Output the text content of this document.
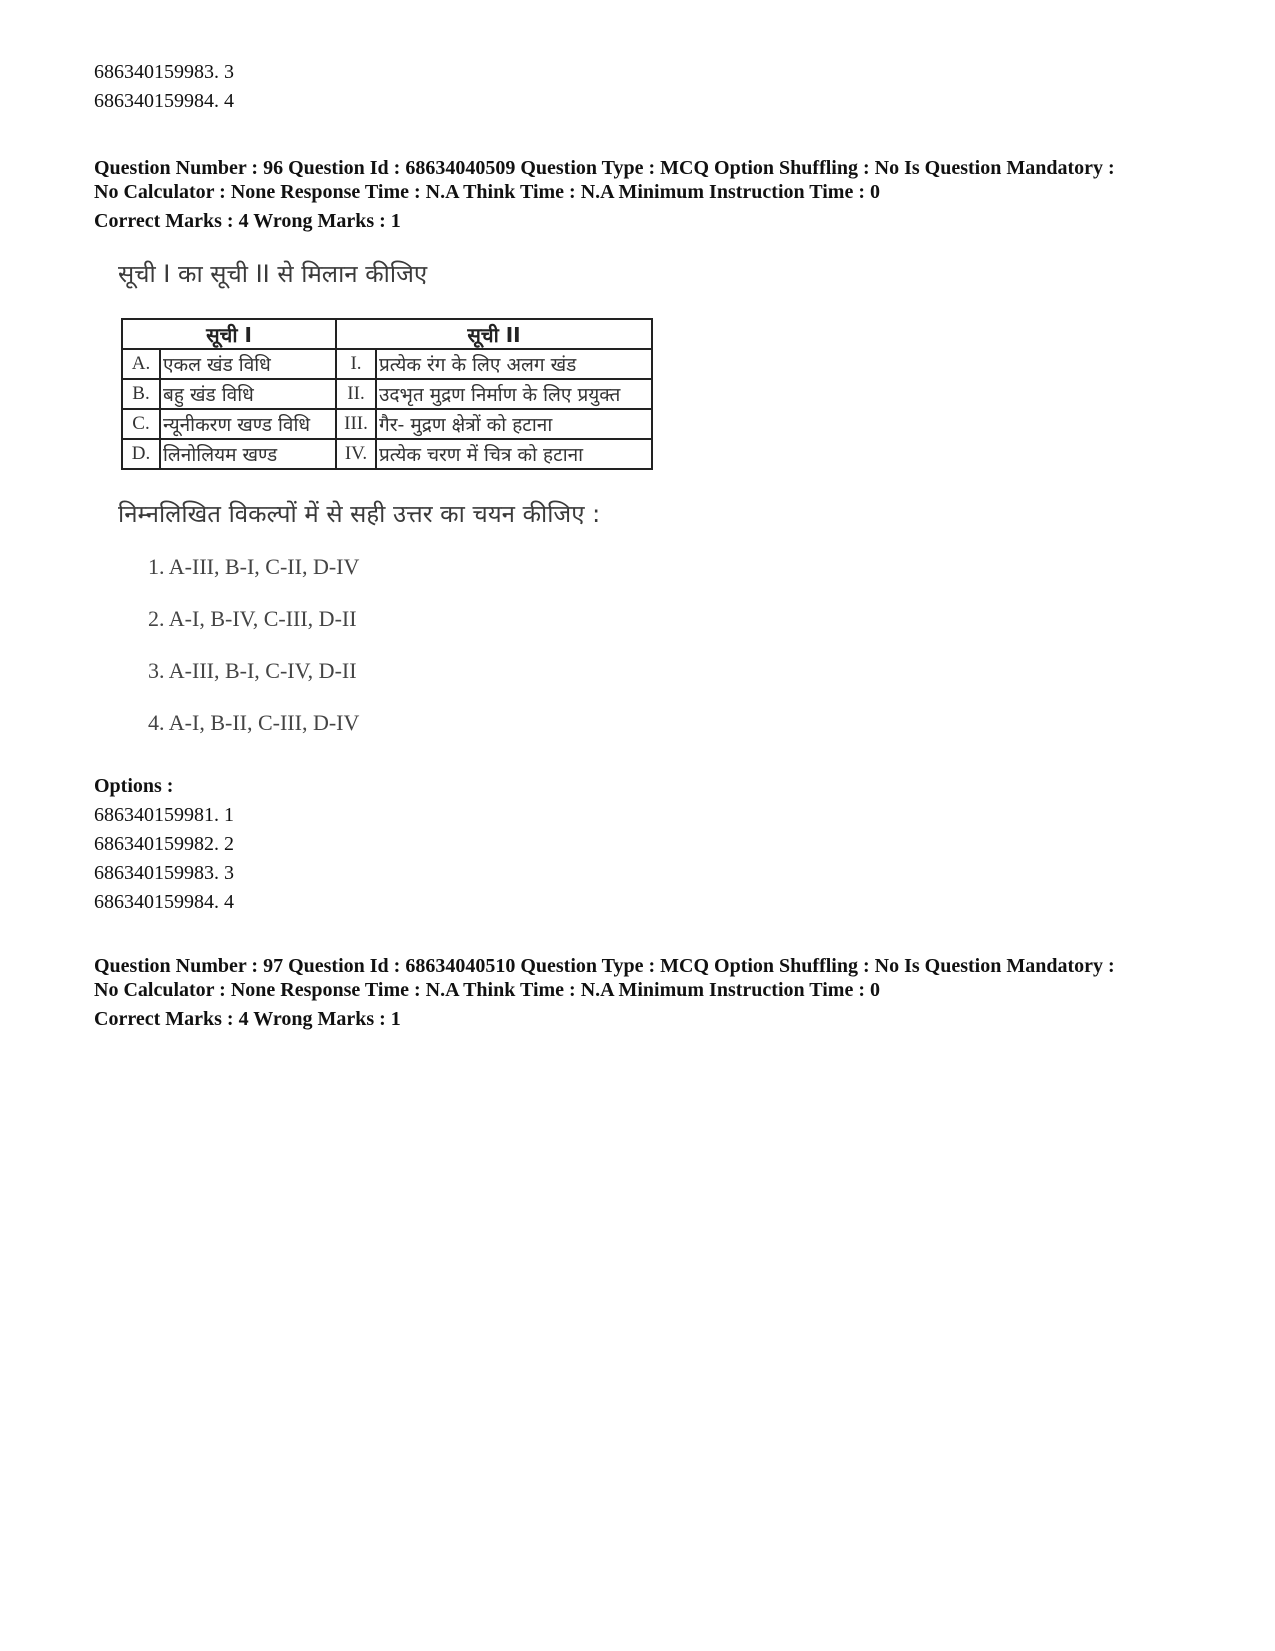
686340159983. 3
686340159984. 4
Question Number : 96 Question Id : 68634040509 Question Type : MCQ Option Shuffling : No Is Question Mandatory :
No Calculator : None Response Time : N.A Think Time : N.A Minimum Instruction Time : 0
Correct Marks : 4 Wrong Marks : 1
सूची I का सूची II से मिलान कीजिए
सूची I		सूची II	
A.	एकल खंड विधि	I.	प्रत्येक रंग के लिए अलग खंड
B.	बहु खंड विधि	II.	उदभृत मुद्रण निर्माण के लिए प्रयुक्त
C.	न्यूनीकरण खण्ड विधि	III.	गैर- मुद्रण क्षेत्रों को हटाना
D.	लिनोलियम खण्ड	IV.	प्रत्येक चरण में चित्र को हटाना
निम्नलिखित विकल्पों में से सही उत्तर का चयन कीजिए :
1. A-III, B-I, C-II, D-IV
2. A-I, B-IV, C-III, D-II
3. A-III, B-I, C-IV, D-II
4. A-I, B-II, C-III, D-IV
Options :
686340159981. 1
686340159982. 2
686340159983. 3
686340159984. 4
Question Number : 97 Question Id : 68634040510 Question Type : MCQ Option Shuffling : No Is Question Mandatory :
No Calculator : None Response Time : N.A Think Time : N.A Minimum Instruction Time : 0
Correct Marks : 4 Wrong Marks : 1
